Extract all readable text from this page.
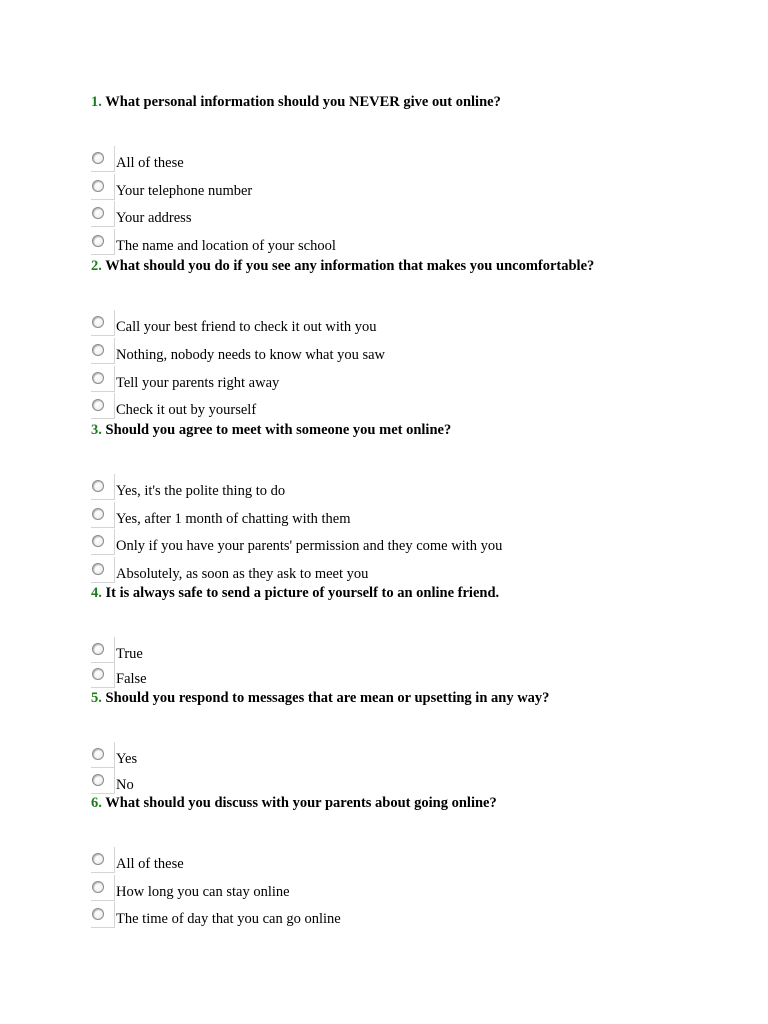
1. What personal information should you NEVER give out online?
All of these
Your telephone number
Your address
The name and location of your school
2. What should you do if you see any information that makes you uncomfortable?
Call your best friend to check it out with you
Nothing, nobody needs to know what you saw
Tell your parents right away
Check it out by yourself
3. Should you agree to meet with someone you met online?
Yes, it's the polite thing to do
Yes, after 1 month of chatting with them
Only if you have your parents' permission and they come with you
Absolutely, as soon as they ask to meet you
4. It is always safe to send a picture of yourself to an online friend.
True
False
5. Should you respond to messages that are mean or upsetting in any way?
Yes
No
6. What should you discuss with your parents about going online?
All of these
How long you can stay online
The time of day that you can go online
